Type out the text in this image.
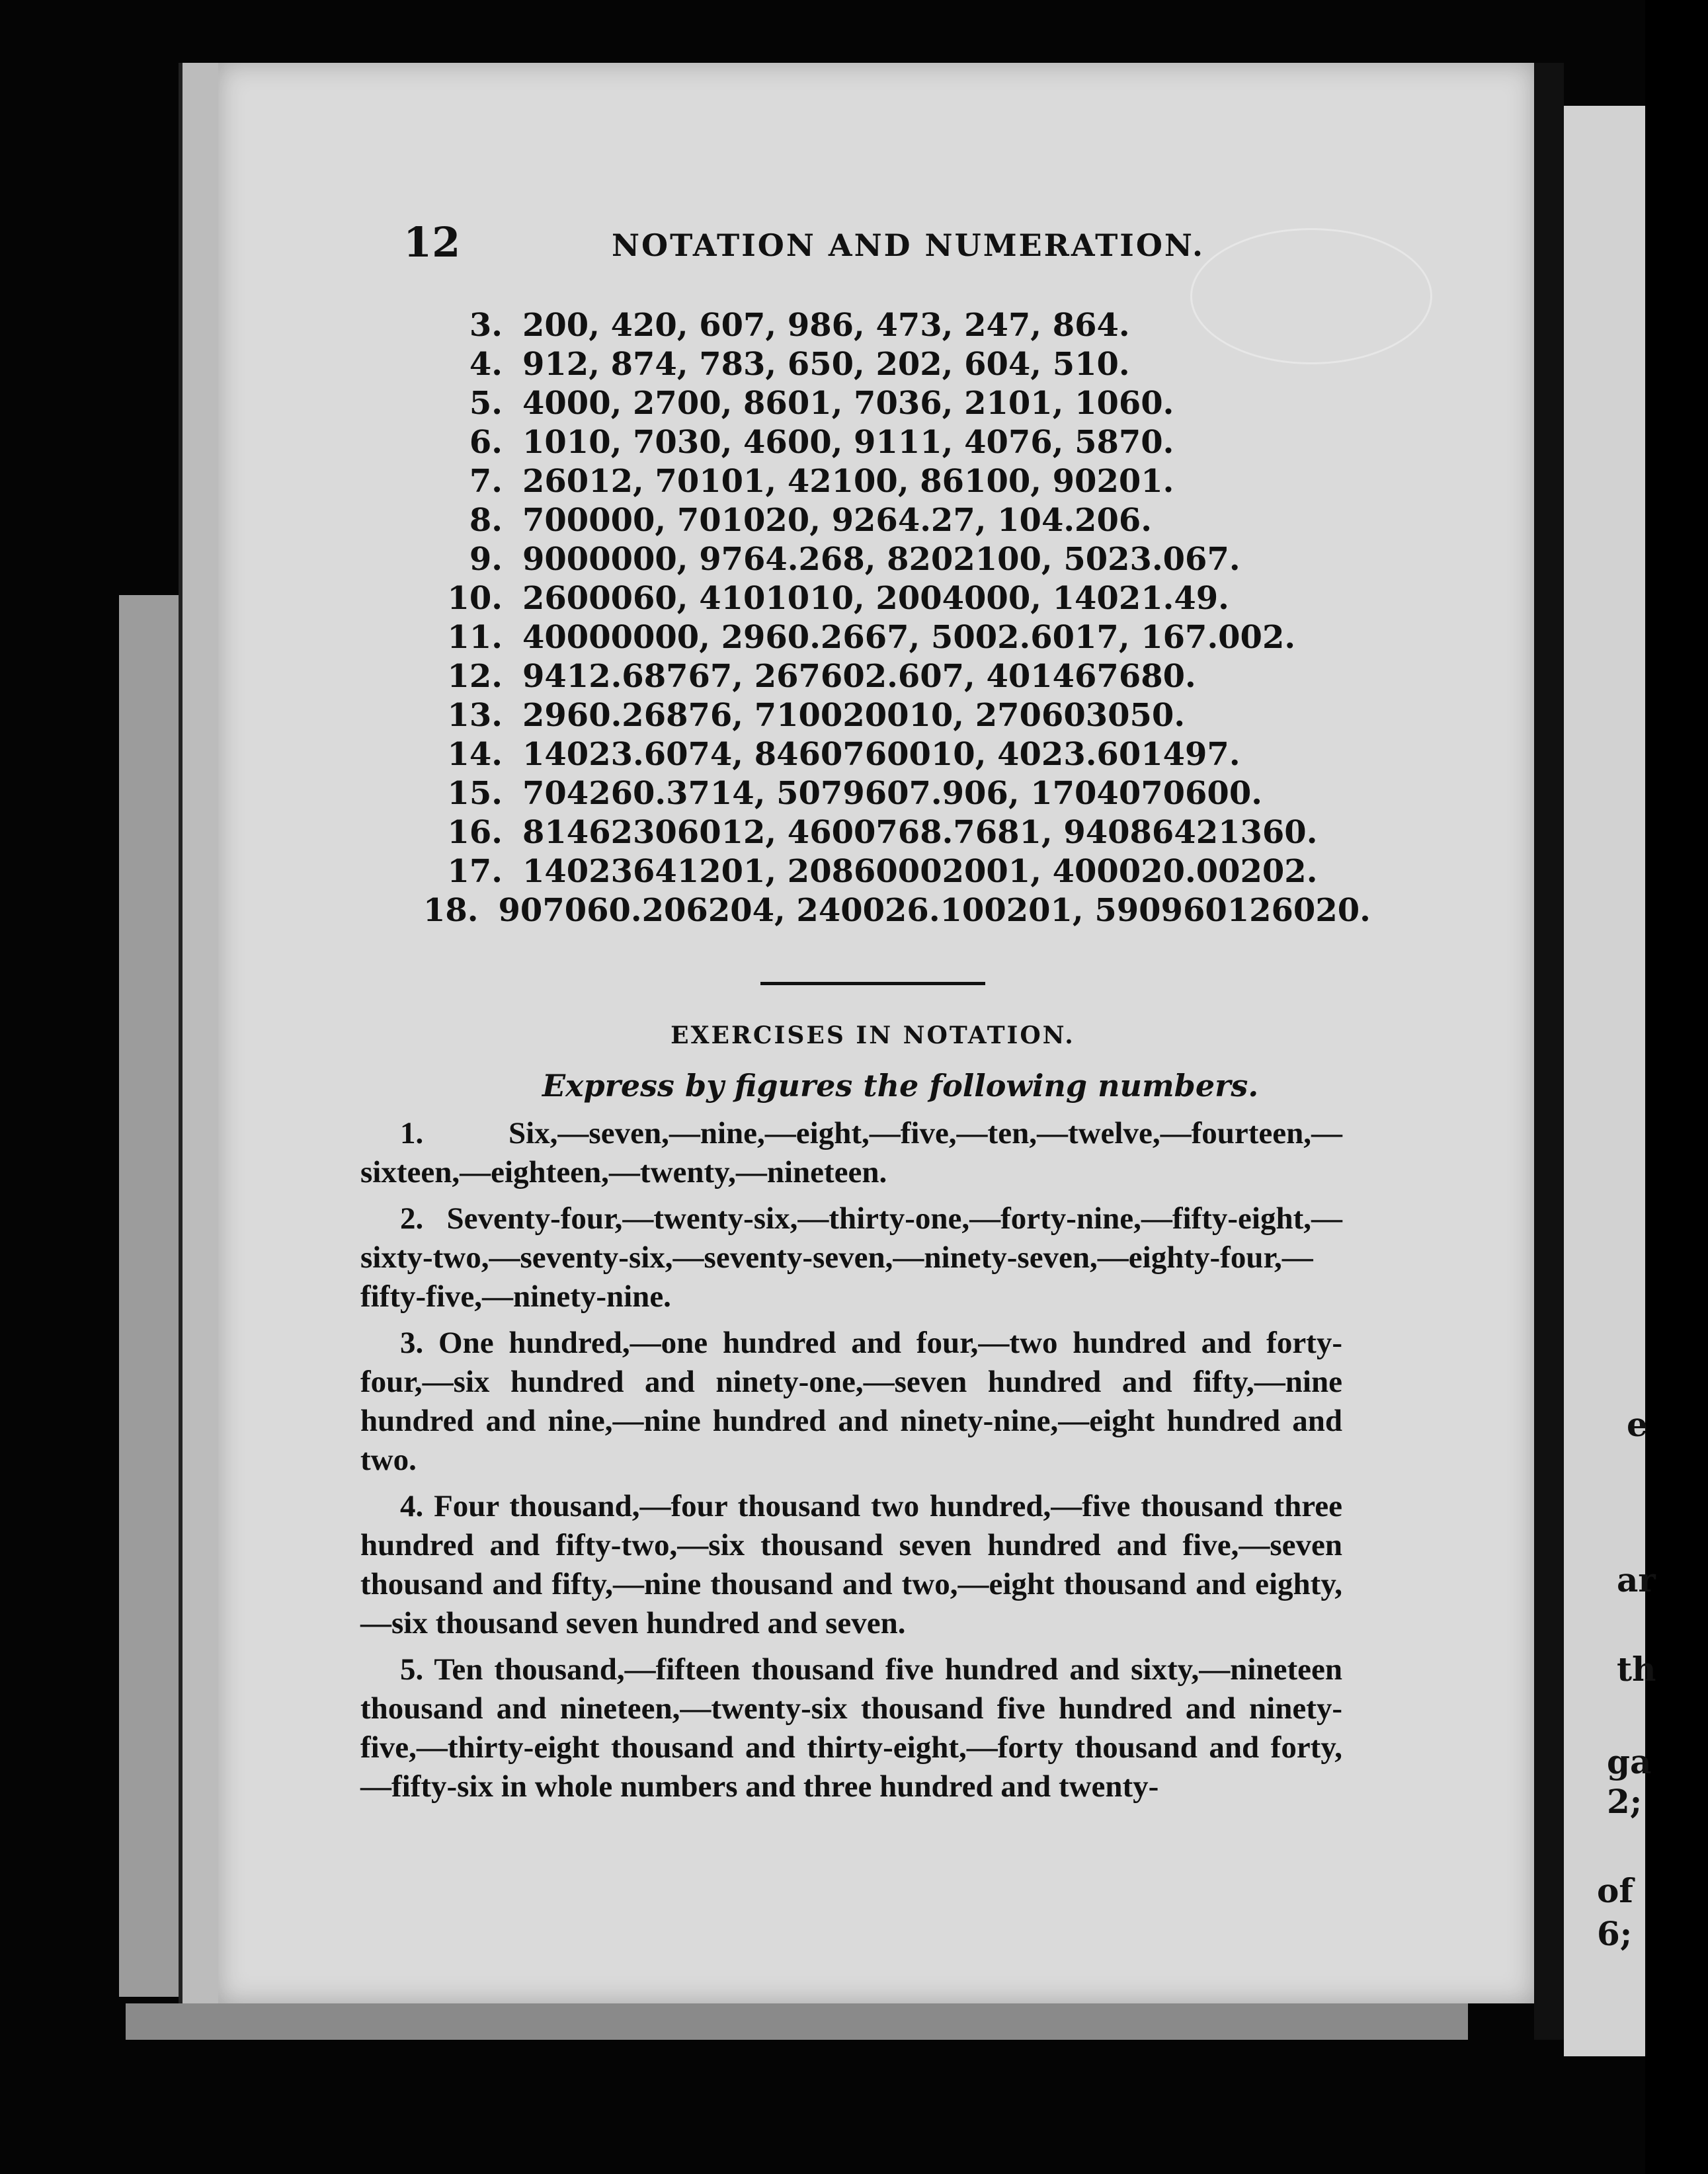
e
ar
th
ga
2;
of
6;
12	NOTATION AND NUMERATION.
3. 200, 420, 607, 986, 473, 247, 864.
4. 912, 874, 783, 650, 202, 604, 510.
5. 4000, 2700, 8601, 7036, 2101, 1060.
6. 1010, 7030, 4600, 9111, 4076, 5870.
7. 26012, 70101, 42100, 86100, 90201.
8. 700000, 701020, 9264.27, 104.206.
9. 9000000, 9764.268, 8202100, 5023.067.
10. 2600060, 4101010, 2004000, 14021.49.
11. 40000000, 2960.2667, 5002.6017, 167.002.
12. 9412.68767, 267602.607, 401467680.
13. 2960.26876, 710020010, 270603050.
14. 14023.6074, 8460760010, 4023.601497.
15. 704260.3714, 5079607.906, 1704070600.
16. 81462306012, 4600768.7681, 94086421360.
17. 14023641201, 20860002001, 400020.00202.
18. 907060.206204, 240026.100201, 590960126020.
EXERCISES IN NOTATION.
Express by figures the following numbers.

1. Six,—seven,—nine,—eight,—five,—ten,—twelve,—fourteen,—sixteen,—eighteen,—twenty,—nineteen.

2. Seventy-four,—twenty-six,—thirty-one,—forty-nine,—fifty-eight,—sixty-two,—seventy-six,—seventy-seven,—ninety-seven,—eighty-four,—fifty-five,—ninety-nine.

3. One hundred,—one hundred and four,—two hundred and forty-four,—six hundred and ninety-one,—seven hundred and fifty,—nine hundred and nine,—nine hundred and ninety-nine,—eight hundred and two.

4. Four thousand,—four thousand two hundred,—five thousand three hundred and fifty-two,—six thousand seven hundred and five,—seven thousand and fifty,—nine thousand and two,—eight thousand and eighty,—six thousand seven hundred and seven.

5. Ten thousand,—fifteen thousand five hundred and sixty,—nineteen thousand and nineteen,—twenty-six thousand five hundred and ninety-five,—thirty-eight thousand and thirty-eight,—forty thousand and forty,—fifty-six in whole numbers and three hundred and twenty-
